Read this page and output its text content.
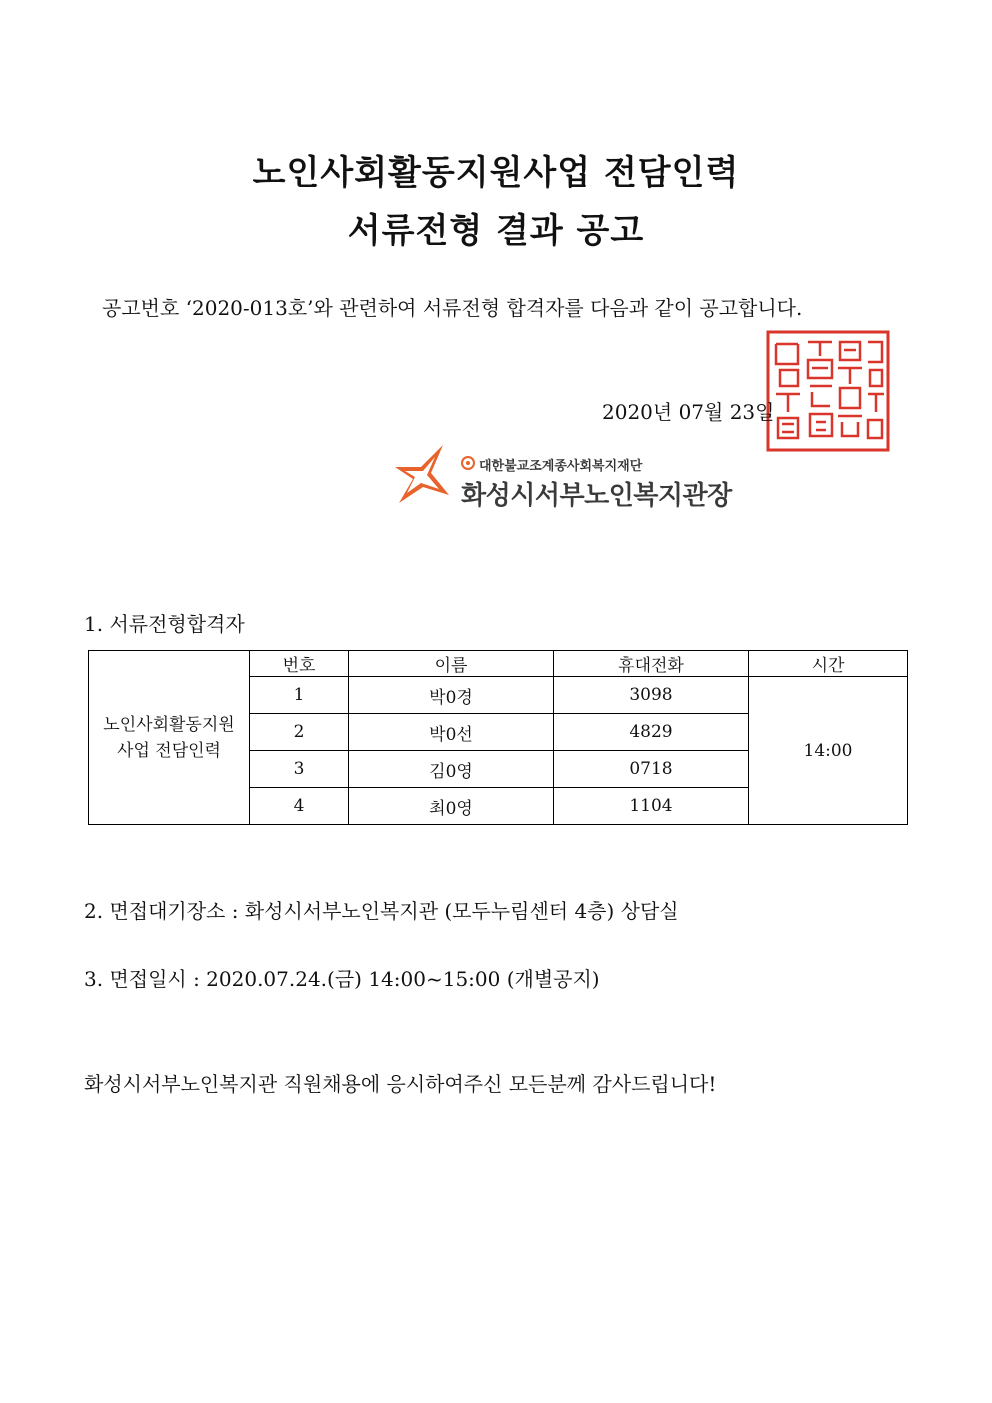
노인사회활동지원사업 전담인력
서류전형 결과 공고
공고번호 ‘2020-013호’와 관련하여 서류전형 합격자를 다음과 같이 공고합니다.
2020년 07월 23일
대한불교조계종사회복지재단
화성시서부노인복지관장
1. 서류전형합격자
노인사회활동지원
사업 전담인력	번호	이름	휴대전화	시간
	1	박0경	3098	14:00
	2	박0선	4829	
	3	김0영	0718	
	4	최0영	1104	
2. 면접대기장소 : 화성시서부노인복지관 (모두누림센터 4층) 상담실
3. 면접일시 : 2020.07.24.(금) 14:00~15:00 (개별공지)
화성시서부노인복지관 직원채용에 응시하여주신 모든분께 감사드립니다!
